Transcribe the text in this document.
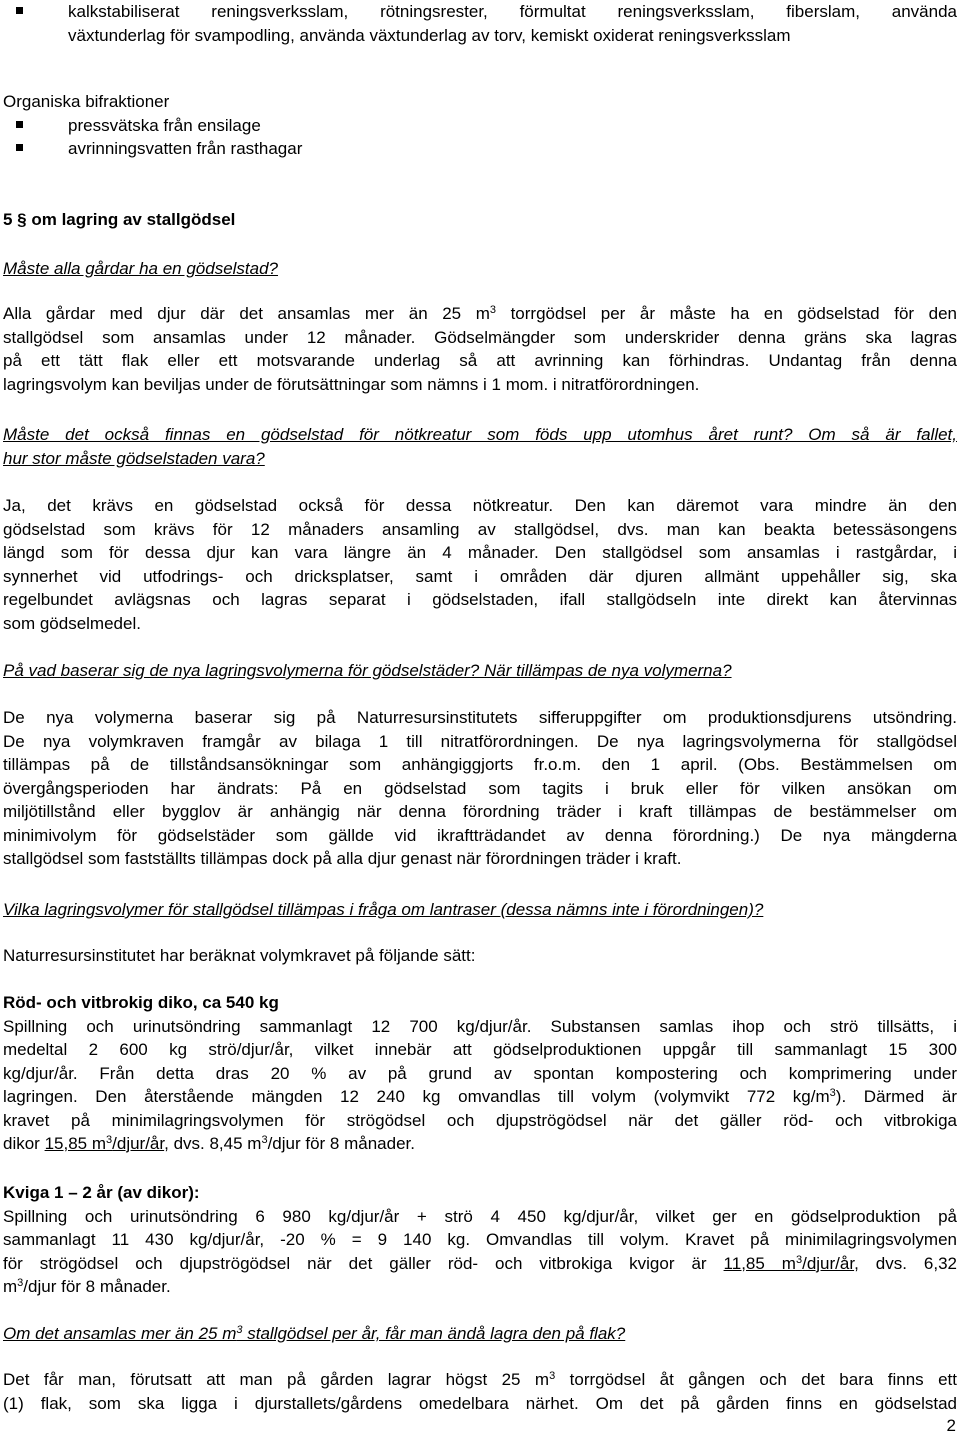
kalkstabiliserat reningsverksslam, rötningsrester, förmultat reningsverksslam, fiberslam, använda
växtunderlag för svampodling, använda växtunderlag av torv, kemiskt oxiderat reningsverksslam
Organiska bifraktioner
pressvätska från ensilage
avrinningsvatten från rasthagar
5 § om lagring av stallgödsel
Måste alla gårdar ha en gödselstad?
Alla gårdar med djur där det ansamlas mer än 25 $m^3$ torrgödsel per år måste ha en gödselstad för den
stallgödsel som ansamlas under 12 månader. Gödselmängder som underskrider denna gräns ska lagras
på ett tätt flak eller ett motsvarande underlag så att avrinning kan förhindras. Undantag från denna
lagringsvolym kan beviljas under de förutsättningar som nämns i 1 mom. i nitratförordningen.
Måste det också finnas en gödselstad för nötkreatur som föds upp utomhus året runt? Om så är fallet,
hur stor måste gödselstaden vara?
Ja, det krävs en gödselstad också för dessa nötkreatur. Den kan däremot vara mindre än den
gödselstad som krävs för 12 månaders ansamling av stallgödsel, dvs. man kan beakta betessäsongens
längd som för dessa djur kan vara längre än 4 månader. Den stallgödsel som ansamlas i rastgårdar, i
synnerhet vid utfodrings- och dricksplatser, samt i områden där djuren allmänt uppehåller sig, ska
regelbundet avlägsnas och lagras separat i gödselstaden, ifall stallgödseln inte direkt kan återvinnas
som gödselmedel.
På vad baserar sig de nya lagringsvolymerna för gödselstäder? När tillämpas de nya volymerna?
De nya volymerna baserar sig på Naturresursinstitutets sifferuppgifter om produktionsdjurens utsöndring.
De nya volymkraven framgår av bilaga 1 till nitratförordningen. De nya lagringsvolymerna för stallgödsel
tillämpas på de tillståndsansökningar som anhängiggjorts fr.o.m. den 1 april. (Obs. Bestämmelsen om
övergångsperioden har ändrats: På en gödselstad som tagits i bruk eller för vilken ansökan om
miljötillstånd eller bygglov är anhängig när denna förordning träder i kraft tillämpas de bestämmelser om
minimivolym för gödselstäder som gällde vid ikraftträdandet av denna förordning.) De nya mängderna
stallgödsel som fastställts tillämpas dock på alla djur genast när förordningen träder i kraft.
Vilka lagringsvolymer för stallgödsel tillämpas i fråga om lantraser (dessa nämns inte i förordningen)?
Naturresursinstitutet har beräknat volymkravet på följande sätt:
Röd- och vitbrokig diko, ca 540 kg
Spillning och urinutsöndring sammanlagt 12 700 kg/djur/år. Substansen samlas ihop och strö tillsätts, i
medeltal 2 600 kg strö/djur/år, vilket innebär att gödselproduktionen uppgår till sammanlagt 15 300
kg/djur/år. Från detta dras 20 % av på grund av spontan kompostering och komprimering under
lagringen. Den återstående mängden 12 240 kg omvandlas till volym (volymvikt 772 $kg/m^3$). Därmed är
kravet på minimilagringsvolymen för strögödsel och djupströgödsel när det gäller röd- och vitbrokiga
dikor 15,85 $m^3/djur/år$, dvs. 8,45 $m^3$/djur för 8 månader.
Kviga 1 – 2 år (av dikor):
Spillning och urinutsöndring 6 980 kg/djur/år + strö 4 450 kg/djur/år, vilket ger en gödselproduktion på
sammanlagt 11 430 kg/djur/år, -20 % = 9 140 kg. Omvandlas till volym. Kravet på minimilagringsvolymen
för strögödsel och djupströgödsel när det gäller röd- och vitbrokiga kvigor är 11,85 $m^3/djur/år$, dvs. 6,32
$m^3$/djur för 8 månader.
Om det ansamlas mer än 25 $m^3$ stallgödsel per år, får man ändå lagra den på flak?
Det får man, förutsatt att man på gården lagrar högst 25 $m^3$ torrgödsel åt gången och det bara finns ett
(1) flak, som ska ligga i djurstallets/gårdens omedelbara närhet. Om det på gården finns en gödselstad
2
